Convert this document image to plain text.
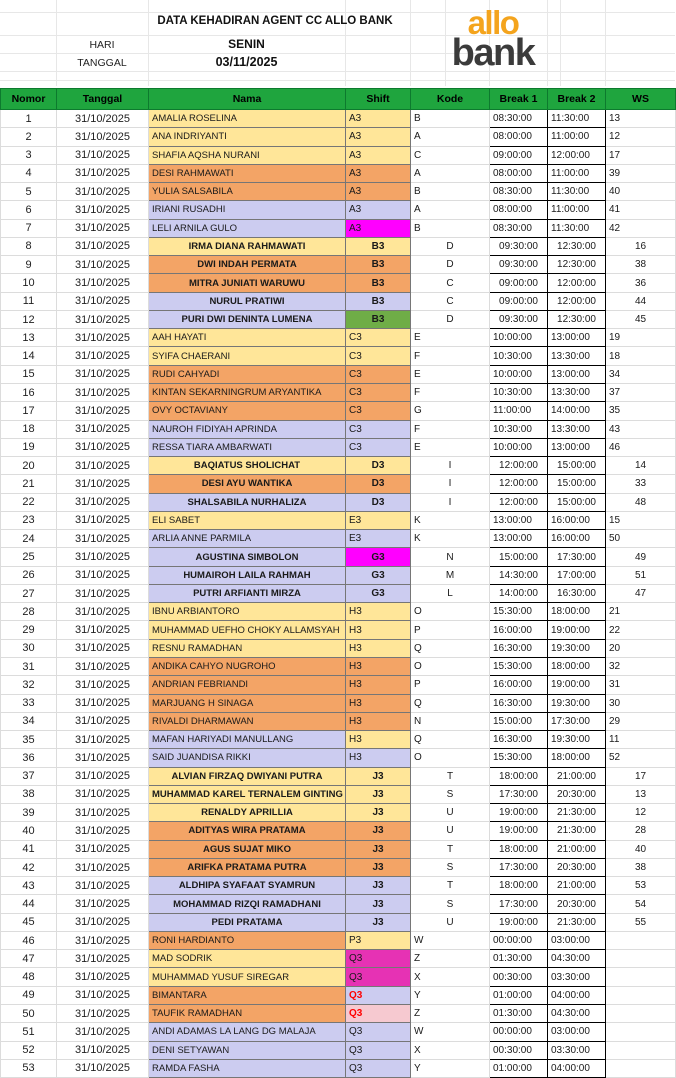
DATA KEHADIRAN AGENT CC ALLO BANK
HARI	SENIN
TANGGAL	03/11/2025
allo
bank
Nomor	Tanggal	Nama	Shift	Kode	Break 1	Break 2	WS
1	31/10/2025	AMALIA ROSELINA	A3	B	08:30:00	11:30:00	13
2	31/10/2025	ANA INDRIYANTI	A3	A	08:00:00	11:00:00	12
3	31/10/2025	SHAFIA AQSHA NURANI	A3	C	09:00:00	12:00:00	17
4	31/10/2025	DESI RAHMAWATI	A3	A	08:00:00	11:00:00	39
5	31/10/2025	YULIA SALSABILA	A3	B	08:30:00	11:30:00	40
6	31/10/2025	IRIANI RUSADHI	A3	A	08:00:00	11:00:00	41
7	31/10/2025	LELI ARNILA GULO	A3	B	08:30:00	11:30:00	42
8	31/10/2025	IRMA DIANA RAHMAWATI	B3	D	09:30:00	12:30:00	16
9	31/10/2025	DWI INDAH PERMATA	B3	D	09:30:00	12:30:00	38
10	31/10/2025	MITRA JUNIATI WARUWU	B3	C	09:00:00	12:00:00	36
11	31/10/2025	NURUL PRATIWI	B3	C	09:00:00	12:00:00	44
12	31/10/2025	PURI DWI DENINTA LUMENA	B3	D	09:30:00	12:30:00	45
13	31/10/2025	AAH HAYATI	C3	E	10:00:00	13:00:00	19
14	31/10/2025	SYIFA CHAERANI	C3	F	10:30:00	13:30:00	18
15	31/10/2025	RUDI CAHYADI	C3	E	10:00:00	13:00:00	34
16	31/10/2025	KINTAN SEKARNINGRUM ARYANTIKA	C3	F	10:30:00	13:30:00	37
17	31/10/2025	OVY OCTAVIANY	C3	G	11:00:00	14:00:00	35
18	31/10/2025	NAUROH FIDIYAH APRINDA	C3	F	10:30:00	13:30:00	43
19	31/10/2025	RESSA TIARA AMBARWATI	C3	E	10:00:00	13:00:00	46
20	31/10/2025	BAQIATUS SHOLICHAT	D3	I	12:00:00	15:00:00	14
21	31/10/2025	DESI AYU WANTIKA	D3	I	12:00:00	15:00:00	33
22	31/10/2025	SHALSABILA NURHALIZA	D3	I	12:00:00	15:00:00	48
23	31/10/2025	ELI SABET	E3	K	13:00:00	16:00:00	15
24	31/10/2025	ARLIA ANNE PARMILA	E3	K	13:00:00	16:00:00	50
25	31/10/2025	AGUSTINA SIMBOLON	G3	N	15:00:00	17:30:00	49
26	31/10/2025	HUMAIROH LAILA RAHMAH	G3	M	14:30:00	17:00:00	51
27	31/10/2025	PUTRI ARFIANTI MIRZA	G3	L	14:00:00	16:30:00	47
28	31/10/2025	IBNU ARBIANTORO	H3	O	15:30:00	18:00:00	21
29	31/10/2025	MUHAMMAD UEFHO CHOKY ALLAMSYAH	H3	P	16:00:00	19:00:00	22
30	31/10/2025	RESNU RAMADHAN	H3	Q	16:30:00	19:30:00	20
31	31/10/2025	ANDIKA CAHYO NUGROHO	H3	O	15:30:00	18:00:00	32
32	31/10/2025	ANDRIAN FEBRIANDI	H3	P	16:00:00	19:00:00	31
33	31/10/2025	MARJUANG H SINAGA	H3	Q	16:30:00	19:30:00	30
34	31/10/2025	RIVALDI DHARMAWAN	H3	N	15:00:00	17:30:00	29
35	31/10/2025	MAFAN HARIYADI MANULLANG	H3	Q	16:30:00	19:30:00	11
36	31/10/2025	SAID JUANDISA RIKKI	H3	O	15:30:00	18:00:00	52
37	31/10/2025	ALVIAN FIRZAQ DWIYANI PUTRA	J3	T	18:00:00	21:00:00	17
38	31/10/2025	MUHAMMAD KAREL TERNALEM GINTING	J3	S	17:30:00	20:30:00	13
39	31/10/2025	RENALDY APRILLIA	J3	U	19:00:00	21:30:00	12
40	31/10/2025	ADITYAS WIRA PRATAMA	J3	U	19:00:00	21:30:00	28
41	31/10/2025	AGUS SUJAT MIKO	J3	T	18:00:00	21:00:00	40
42	31/10/2025	ARIFKA PRATAMA PUTRA	J3	S	17:30:00	20:30:00	38
43	31/10/2025	ALDHIPA SYAFAAT SYAMRUN	J3	T	18:00:00	21:00:00	53
44	31/10/2025	MOHAMMAD RIZQI RAMADHANI	J3	S	17:30:00	20:30:00	54
45	31/10/2025	PEDI PRATAMA	J3	U	19:00:00	21:30:00	55
46	31/10/2025	RONI HARDIANTO	P3	W	00:00:00	03:00:00	
47	31/10/2025	MAD SODRIK	Q3	Z	01:30:00	04:30:00	
48	31/10/2025	MUHAMMAD YUSUF SIREGAR	Q3	X	00:30:00	03:30:00	
49	31/10/2025	BIMANTARA	Q3	Y	01:00:00	04:00:00	
50	31/10/2025	TAUFIK RAMADHAN	Q3	Z	01:30:00	04:30:00	
51	31/10/2025	ANDI ADAMAS LA LANG DG MALAJA	Q3	W	00:00:00	03:00:00	
52	31/10/2025	DENI SETYAWAN	Q3	X	00:30:00	03:30:00	
53	31/10/2025	RAMDA FASHA	Q3	Y	01:00:00	04:00:00	
